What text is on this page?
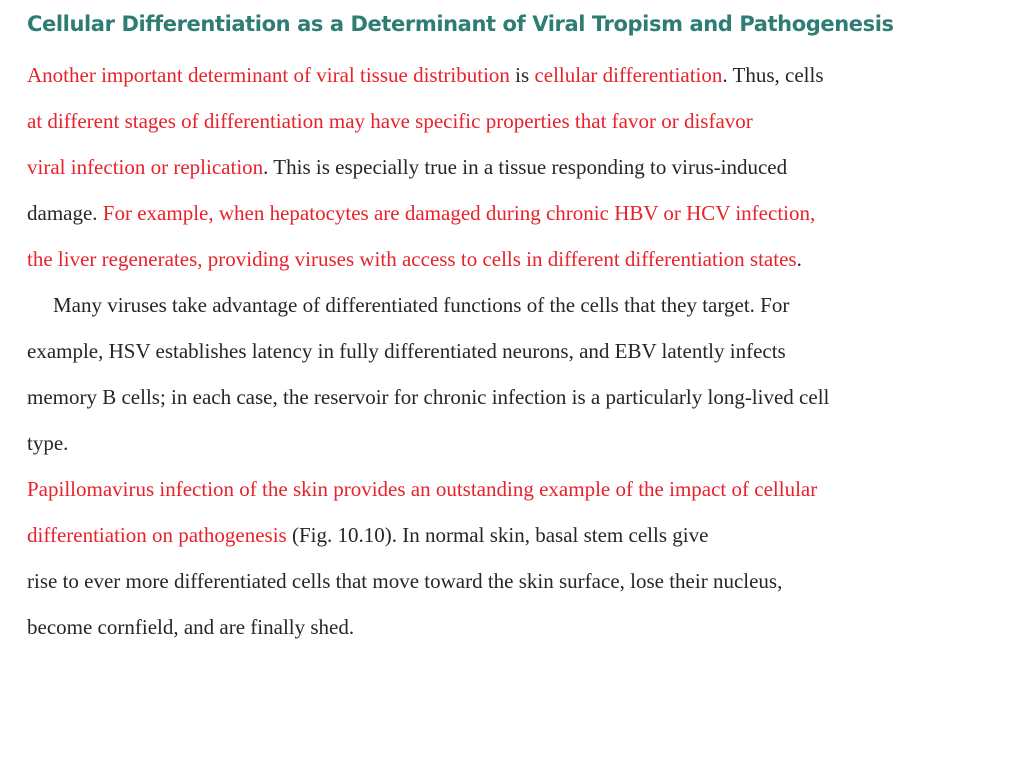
Cellular Differentiation as a Determinant of Viral Tropism and Pathogenesis
Another important determinant of viral tissue distribution is cellular differentiation. Thus, cells
at different stages of differentiation may have specific properties that favor or disfavor
viral infection or replication. This is especially true in a tissue responding to virus-induced
damage. For example, when hepatocytes are damaged during chronic HBV or HCV infection,
the liver regenerates, providing viruses with access to cells in different differentiation states.
Many viruses take advantage of differentiated functions of the cells that they target. For
example, HSV establishes latency in fully differentiated neurons, and EBV latently infects
memory B cells; in each case, the reservoir for chronic infection is a particularly long-lived cell
type.
Papillomavirus infection of the skin provides an outstanding example of the impact of cellular
differentiation on pathogenesis (Fig. 10.10). In normal skin, basal stem cells give
rise to ever more differentiated cells that move toward the skin surface, lose their nucleus,
become cornfield, and are finally shed.
